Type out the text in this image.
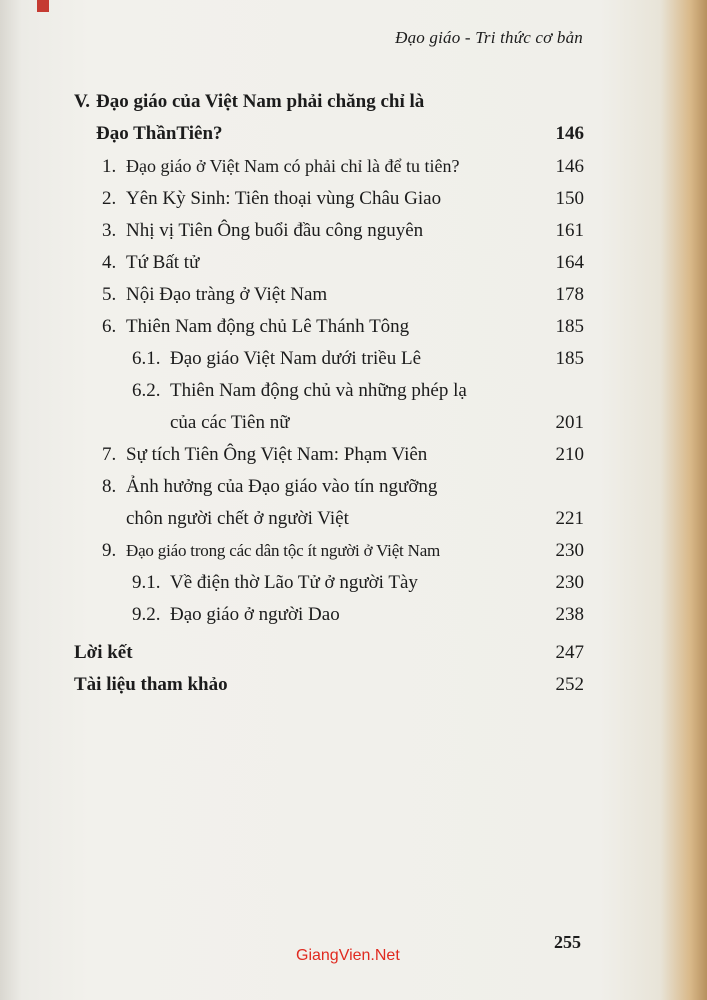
Đạo giáo - Tri thức cơ bản
V. Đạo giáo của Việt Nam phải chăng chỉ là
Đạo ThầnTiên?	146
1. Đạo giáo ở Việt Nam có phải chỉ là để tu tiên?	146
2. Yên Kỳ Sinh: Tiên thoại vùng Châu Giao	150
3. Nhị vị Tiên Ông buổi đầu công nguyên	161
4. Tứ Bất tử	164
5. Nội Đạo tràng ở Việt Nam	178
6. Thiên Nam động chủ Lê Thánh Tông	185
6.1. Đạo giáo Việt Nam dưới triều Lê	185
6.2. Thiên Nam động chủ và những phép lạ
của các Tiên nữ	201
7. Sự tích Tiên Ông Việt Nam: Phạm Viên	210
8. Ảnh hưởng của Đạo giáo vào tín ngưỡng
chôn người chết ở người Việt	221
9. Đạo giáo trong các dân tộc ít người ở Việt Nam	230
9.1. Về điện thờ Lão Tử ở người Tày	230
9.2. Đạo giáo ở người Dao	238
Lời kết	247
Tài liệu tham khảo	252
255
GiangVien.Net
